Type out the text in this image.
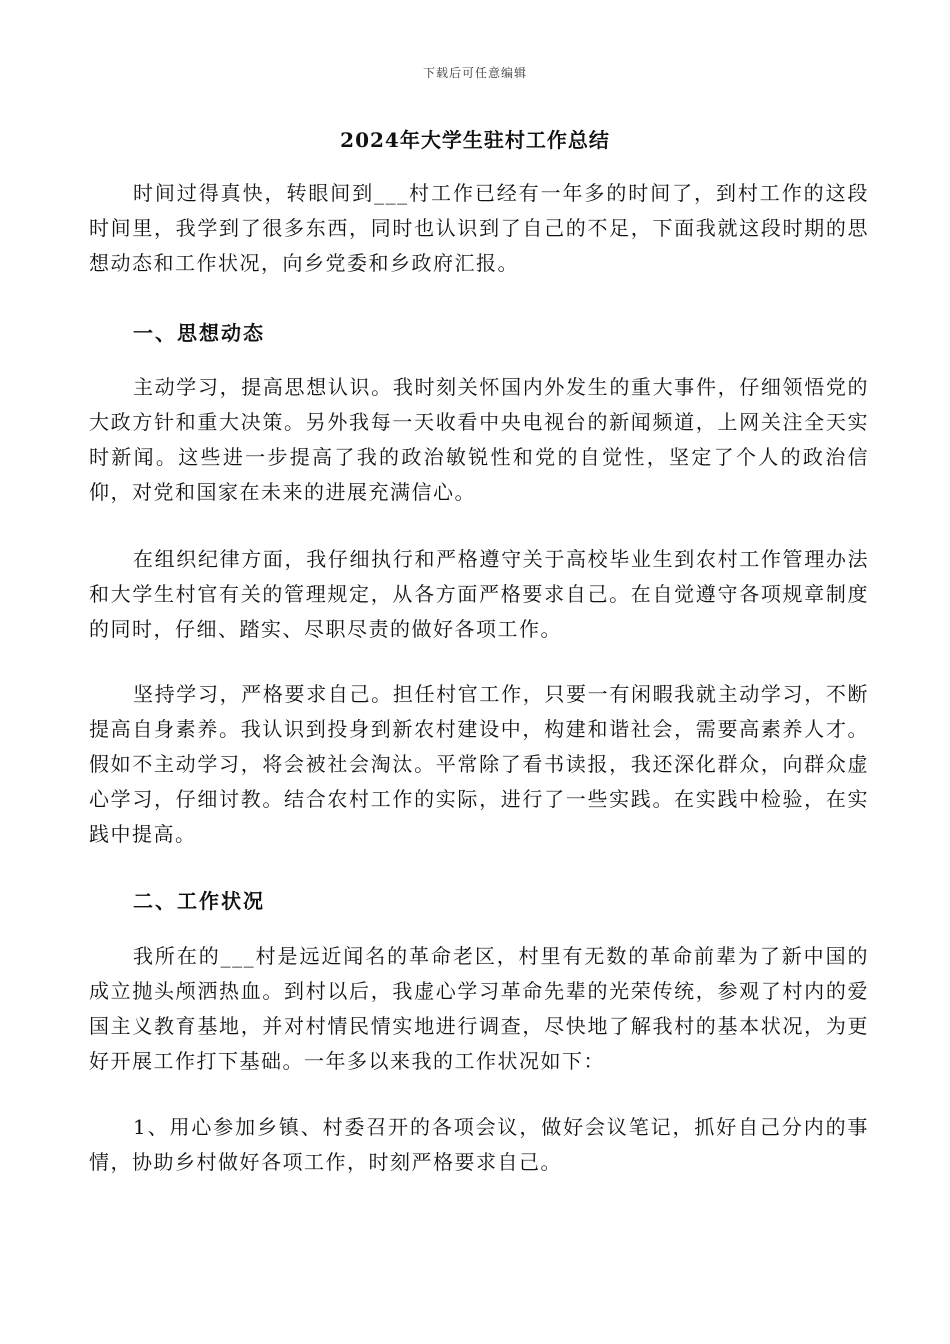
下载后可任意编辑
2024年大学生驻村工作总结

时间过得真快，转眼间到___村工作已经有一年多的时间了，到村工作的这段时间里，我学到了很多东西，同时也认识到了自己的不足，下面我就这段时期的思想动态和工作状况，向乡党委和乡政府汇报。

一、思想动态

主动学习，提高思想认识。我时刻关怀国内外发生的重大事件，仔细领悟党的大政方针和重大决策。另外我每一天收看中央电视台的新闻频道，上网关注全天实时新闻。这些进一步提高了我的政治敏锐性和党的自觉性，坚定了个人的政治信仰，对党和国家在未来的进展充满信心。

在组织纪律方面，我仔细执行和严格遵守关于高校毕业生到农村工作管理办法和大学生村官有关的管理规定，从各方面严格要求自己。在自觉遵守各项规章制度的同时，仔细、踏实、尽职尽责的做好各项工作。

坚持学习，严格要求自己。担任村官工作，只要一有闲暇我就主动学习，不断提高自身素养。我认识到投身到新农村建设中，构建和谐社会，需要高素养人才。假如不主动学习，将会被社会淘汰。平常除了看书读报，我还深化群众，向群众虚心学习，仔细讨教。结合农村工作的实际，进行了一些实践。在实践中检验，在实践中提高。

二、工作状况

我所在的___村是远近闻名的革命老区，村里有无数的革命前辈为了新中国的成立抛头颅洒热血。到村以后，我虚心学习革命先辈的光荣传统，参观了村内的爱国主义教育基地，并对村情民情实地进行调查，尽快地了解我村的基本状况，为更好开展工作打下基础。一年多以来我的工作状况如下：

1、用心参加乡镇、村委召开的各项会议，做好会议笔记，抓好自己分内的事情，协助乡村做好各项工作，时刻严格要求自己。
